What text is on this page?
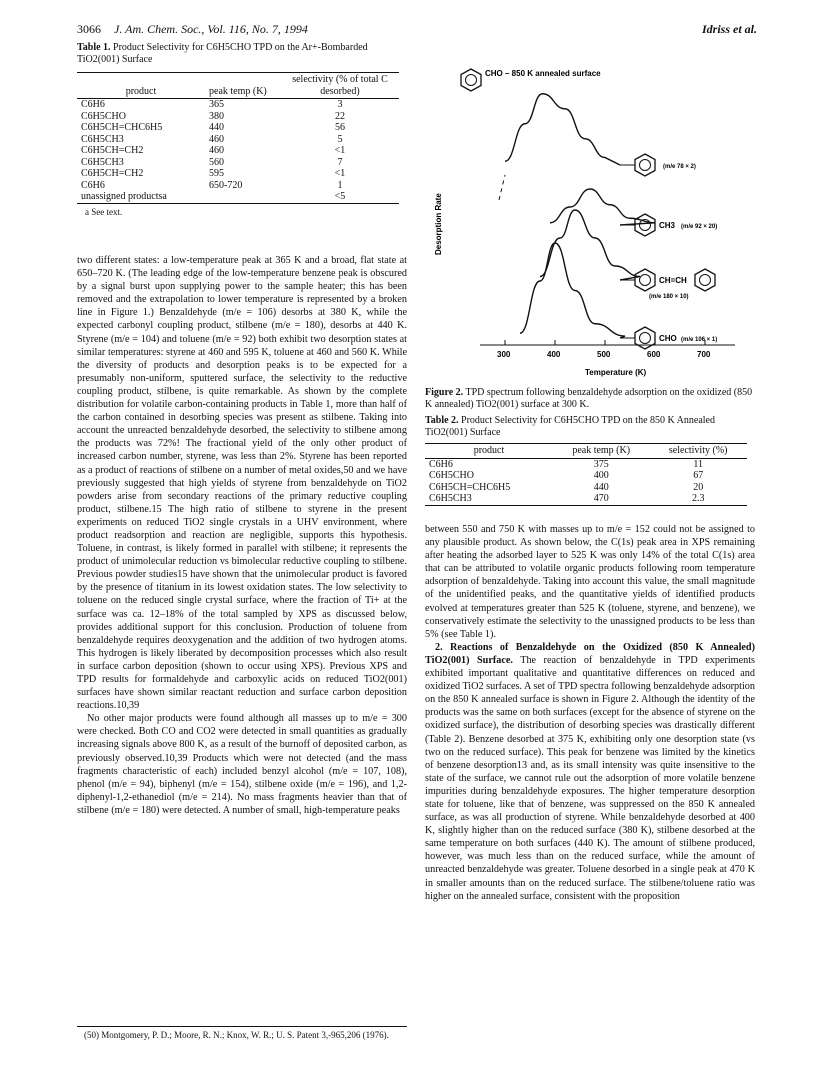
3066 J. Am. Chem. Soc., Vol. 116, No. 7, 1994	Idriss et al.
Table 1. Product Selectivity for C6H5CHO TPD on the Ar+-Bombarded TiO2(001) Surface
product	peak temp (K)	selectivity (% of total C desorbed)
C6H6	365	3
C6H5CHO	380	22
C6H5CH=CHC6H5	440	56
C6H5CH3	460	5
C6H5CH=CH2	460	<1
C6H5CH3	560	7
C6H5CH=CH2	595	<1
C6H6	650-720	1
unassigned productsa		<5
a See text.

two different states: a low-temperature peak at 365 K and a broad, flat state at 650–720 K. (The leading edge of the low-temperature benzene peak is obscured by a signal burst upon supplying power to the sample heater; this has been removed and the extrapolation to lower temperature is represented by a broken line in Figure 1.) Benzaldehyde (m/e = 106) desorbs at 380 K, while the expected carbonyl coupling product, stilbene (m/e = 180), desorbs at 440 K. Styrene (m/e = 104) and toluene (m/e = 92) both exhibit two desorption states at similar temperatures: styrene at 460 and 595 K, toluene at 460 and 560 K. While the diversity of products and desorption peaks is to be expected for a presumably non-uniform, sputtered surface, the selectivity to the reductive coupling product, stilbene, is quite remarkable. As shown by the complete distribution for volatile carbon-containing products in Table 1, more than half of the carbon contained in desorbing species was present as stilbene. Taking into account the unreacted benzaldehyde desorbed, the selectivity to stilbene among the products was 72%! The fractional yield of the only other product of increased carbon number, styrene, was less than 2%. Styrene has been reported as a product of reactions of stilbene on a number of metal oxides,50 and we have previously suggested that high yields of styrene from benzaldehyde on TiO2 powders arise from secondary reactions of the primary reductive coupling product, stilbene.15 The high ratio of stilbene to styrene in the present experiments on reduced TiO2 single crystals in a UHV environment, where product readsorption and reaction are negligible, supports this hypothesis. Toluene, in contrast, is likely formed in parallel with stilbene; it represents the product of unimolecular reduction vs bimolecular reductive coupling to stilbene. Previous powder studies15 have shown that the unimolecular product is favored by the presence of titanium in its lowest oxidation states. The low selectivity to toluene on the reduced single crystal surface, where the fraction of Ti+ at the surface was ca. 12–18% of the total sampled by XPS as discussed below, provides additional support for this conclusion. Production of toluene from benzaldehyde requires deoxygenation and the addition of two hydrogen atoms. This hydrogen is likely liberated by decomposition processes which also result in surface carbon deposition (shown to occur using XPS). Previous XPS and TPD results for formaldehyde and carboxylic acids on reduced TiO2(001) surfaces have shown similar reactant reduction and surface carbon deposition reactions.10,39

No other major products were found although all masses up to m/e = 300 were checked. Both CO and CO2 were detected in small quantities as gradually increasing signals above 800 K, as a result of the burnoff of deposited carbon, as previously observed.10,39 Products which were not detected (and the mass fragments characteristic of each) included benzyl alcohol (m/e = 107, 108), phenol (m/e = 94), biphenyl (m/e = 154), stilbene oxide (m/e = 196), and 1,2-diphenyl-1,2-ethanediol (m/e = 214). No mass fragments heavier than that of stilbene (m/e = 180) were detected. A number of small, high-temperature peaks

(50) Montgomery, P. D.; Moore, R. N.; Knox, W. R.; U. S. Patent 3,-965,206 (1976).
CHO – 850 K annealed surface
Desorption Rate
(m/e 78 × 2)
CH3 (m/e 92 × 20)
CH=CH
(m/e 180 × 10)
CHO (m/e 106 × 1)
300	400	500	600	700
Temperature (K)
Figure 2. TPD spectrum following benzaldehyde adsorption on the oxidized (850 K annealed) TiO2(001) surface at 300 K.
Table 2. Product Selectivity for C6H5CHO TPD on the 850 K Annealed TiO2(001) Surface
product	peak temp (K)	selectivity (%)
C6H6	375	11
C6H5CHO	400	67
C6H5CH=CHC6H5	440	20
C6H5CH3	470	2.3

between 550 and 750 K with masses up to m/e = 152 could not be assigned to any plausible product. As shown below, the C(1s) peak area in XPS remaining after heating the adsorbed layer to 525 K was only 14% of the total C(1s) area that can be attributed to volatile organic products following room temperature adsorption of benzaldehyde. Taking into account this value, the small magnitude of the unidentified peaks, and the quantitative yields of identified products evolved at temperatures greater than 525 K (toluene, styrene, and benzene), we conservatively estimate the selectivity to the unassigned products to be less than 5% (see Table 1).

2. Reactions of Benzaldehyde on the Oxidized (850 K Annealed) TiO2(001) Surface. The reaction of benzaldehyde in TPD experiments exhibited important qualitative and quantitative differences on reduced and oxidized TiO2 surfaces. A set of TPD spectra following benzaldehyde adsorption on the 850 K annealed surface is shown in Figure 2. Although the identity of the products was the same on both surfaces (except for the absence of styrene on the oxidized surface), the distribution of desorbing species was drastically different (Table 2). Benzene desorbed at 375 K, exhibiting only one desorption state (vs two on the reduced surface). This peak for benzene was limited by the kinetics of benzene desorption13 and, as its small intensity was quite insensitive to the state of the surface, we cannot rule out the adsorption of more volatile benzene impurities during benzaldehyde exposures. The higher temperature desorption state for toluene, like that of benzene, was suppressed on the 850 K annealed surface, as was all production of styrene. While benzaldehyde desorbed at 400 K, slightly higher than on the reduced surface (380 K), stilbene desorbed at the same temperature on both surfaces (440 K). The amount of stilbene produced, however, was much less than on the reduced surface, while the amount of unreacted benzaldehyde was greater. Toluene desorbed in a single peak at 470 K in smaller amounts than on the reduced surface. The stilbene/toluene ratio was higher on the annealed surface, consistent with the proposition
